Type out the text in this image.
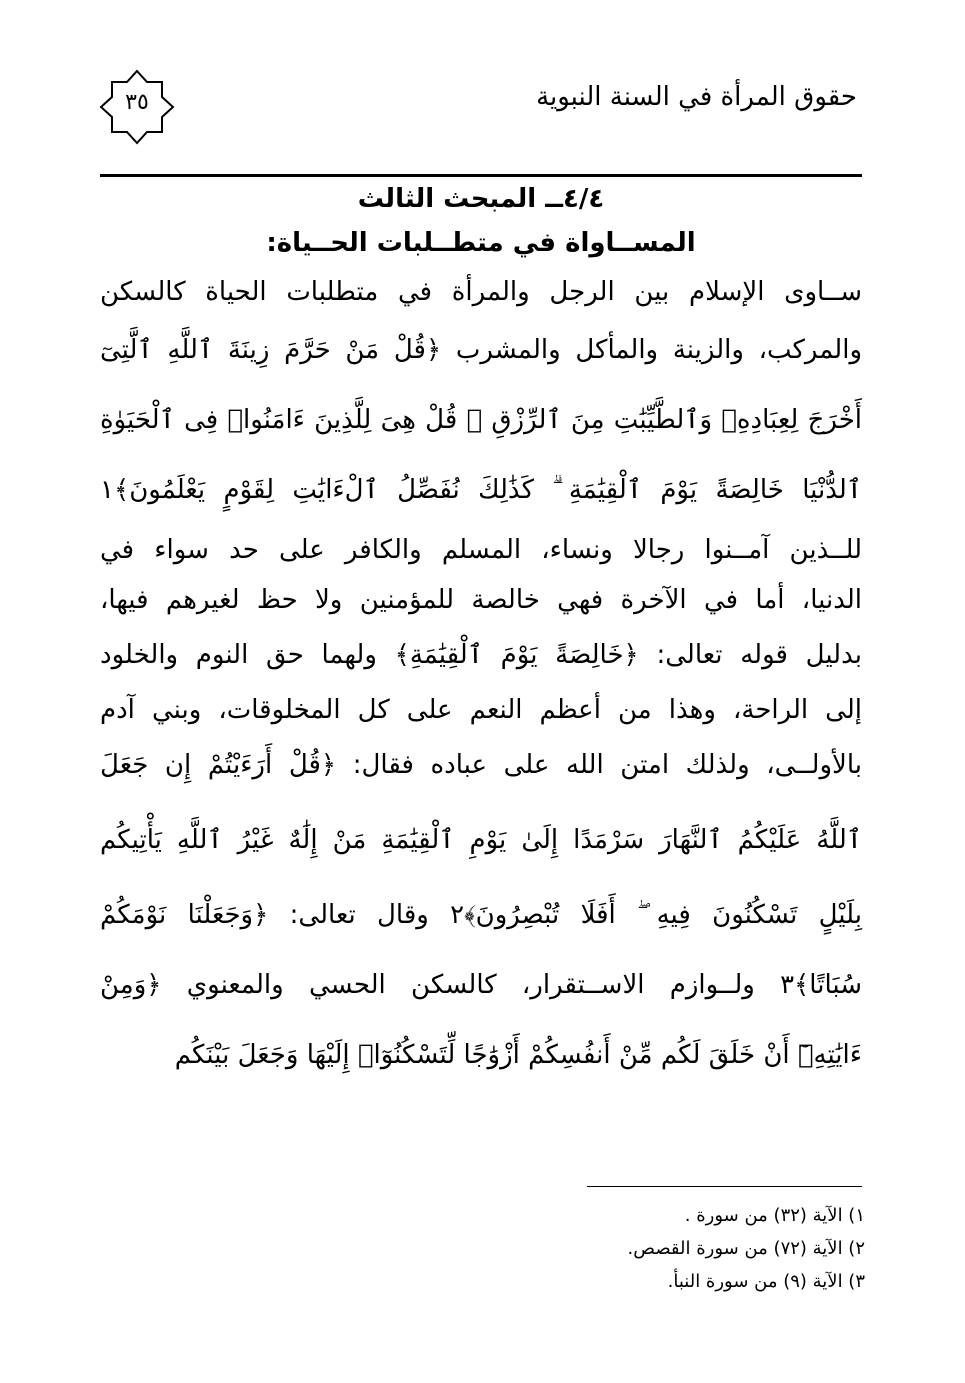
حقوق المرأة في السنة النبوية
٣٥
٤/٤ــ المبحث الثالث
المســاواة في متطــلبات الحــياة:
ســاوى الإسلام بين الرجل والمرأة في متطلبات الحياة كالسكن
والمركب، والزينة والمأكل والمشرب ﴿قُلْ مَنْ حَرَّمَ زِينَةَ ٱللَّهِ ٱلَّتِىٓ
أَخْرَجَ لِعِبَادِهِۦ وَٱلطَّيِّبَٰتِ مِنَ ٱلرِّزْقِ ۚ قُلْ هِىَ لِلَّذِينَ ءَامَنُوا۟ فِى ٱلْحَيَوٰةِ
ٱلدُّنْيَا خَالِصَةً يَوْمَ ٱلْقِيَٰمَةِ ۗ كَذَٰلِكَ نُفَصِّلُ ٱلْءَايَٰتِ لِقَوْمٍ يَعْلَمُونَ﴾١
للــذين آمــنوا رجالا ونساء، المسلم والكافر على حد سواء في
الدنيا، أما في الآخرة فهي خالصة للمؤمنين ولا حظ لغيرهم فيها،
بدليل قوله تعالى: ﴿خَالِصَةً يَوْمَ ٱلْقِيَٰمَةِ﴾ ولهما حق النوم والخلود
إلى الراحة، وهذا من أعظم النعم على كل المخلوقات، وبني آدم
بالأولــى، ولذلك امتن الله على عباده فقال: ﴿قُلْ أَرَءَيْتُمْ إِن جَعَلَ
ٱللَّهُ عَلَيْكُمُ ٱلنَّهَارَ سَرْمَدًا إِلَىٰ يَوْمِ ٱلْقِيَٰمَةِ مَنْ إِلَٰهٌ غَيْرُ ٱللَّهِ يَأْتِيكُم
بِلَيْلٍ تَسْكُنُونَ فِيهِ ۖ أَفَلَا تُبْصِرُونَ﴾٢ وقال تعالى: ﴿وَجَعَلْنَا نَوْمَكُمْ
سُبَاتًا﴾٣ ولــوازم الاســتقرار، كالسكن الحسي والمعنوي ﴿وَمِنْ
ءَايَٰتِهِۦٓ أَنْ خَلَقَ لَكُم مِّنْ أَنفُسِكُمْ أَزْوَٰجًا لِّتَسْكُنُوٓا۟ إِلَيْهَا وَجَعَلَ بَيْنَكُم
١) الآية (٣٢) من سورة .
٢) الآية (٧٢) من سورة القصص.
٣) الآية (٩) من سورة النبأ.
